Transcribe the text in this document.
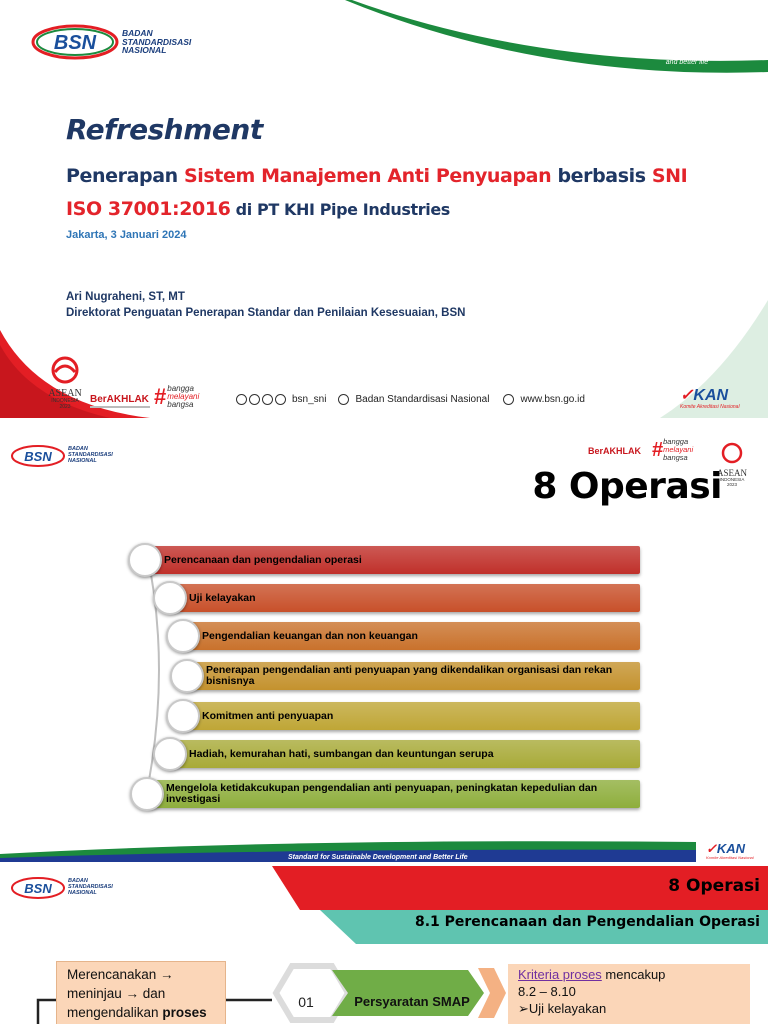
BSN	BADAN
STANDARDISASI
NASIONAL
SNI
Standard for sustainable development
and better life
Refreshment
Penerapan Sistem Manajemen Anti Penyuapan berbasis SNI ISO 37001:2016 di PT KHI Pipe Industries
Jakarta, 3 Januari 2024
Ari Nugraheni, ST, MT
Direktorat Penguatan Penerapan Standar dan Penilaian Kesesuaian, BSN
ASEAN
INDONESIA
2023
BerAKHLAK # bangga
melayani
bangsa	bsn_sni	Badan Standardisasi Nasional	www.bsn.go.id	✓KAN
Komite Akreditasi Nasional
BSN	BADAN
STANDARDISASI
NASIONAL
BerAKHLAK # bangga
melayani
bangsa
ASEAN
INDONESIA
2023
8 Operasi
Perencanaan dan pengendalian operasi
Uji kelayakan
Pengendalian keuangan dan non keuangan
Penerapan pengendalian anti penyuapan yang dikendalikan organisasi dan rekan bisnisnya
Komitmen anti penyuapan
Hadiah, kemurahan hati, sumbangan dan keuntungan serupa
Mengelola ketidakcukupan pengendalian anti penyuapan, peningkatan kepedulian dan investigasi
Standard for Sustainable Development and Better Life
✓KAN
Komite Akreditasi Nasional
BSN	BADAN
STANDARDISASI
NASIONAL	8 Operasi
8.1 Perencanaan dan Pengendalian Operasi
Merencanakan →
meninjau → dan
mengendalikan proses
01	Persyaratan SMAP
Kriteria proses mencakup
8.2 – 8.10
➢Uji kelayakan
